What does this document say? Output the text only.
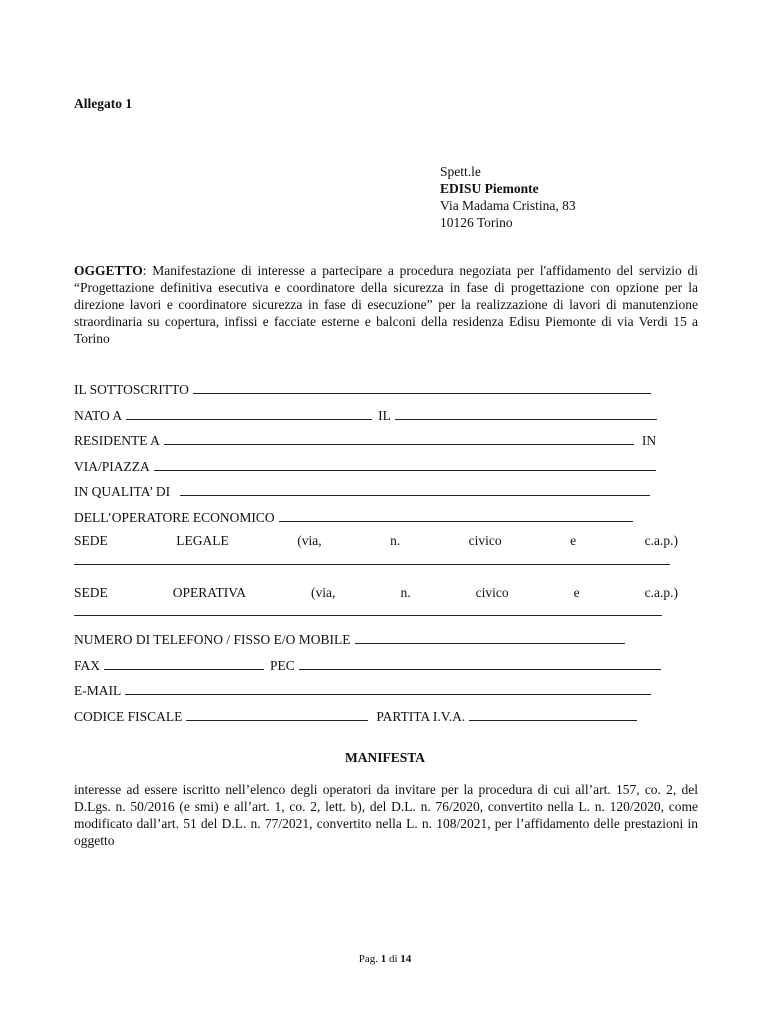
Allegato 1
Spett.le
EDISU Piemonte
Via Madama Cristina, 83
10126 Torino
OGGETTO: Manifestazione di interesse a partecipare a procedura negoziata per l'affidamento del servizio di “Progettazione definitiva esecutiva e coordinatore della sicurezza in fase di progettazione con opzione per la direzione lavori e coordinatore sicurezza in fase di esecuzione” per la realizzazione di lavori di manutenzione straordinaria su copertura, infissi e facciate esterne e balconi della residenza Edisu Piemonte di via Verdi 15 a Torino
IL SOTTOSCRITTO
NATO A	IL
RESIDENTE A	IN
VIA/PIAZZA
IN QUALITA’ DI
DELL’OPERATORE ECONOMICO
SEDE	LEGALE	(via,	n.	civico	e	c.a.p.)
SEDE	OPERATIVA	(via,	n.	civico	e	c.a.p.)
NUMERO DI TELEFONO / FISSO E/O MOBILE
FAX	PEC
E-MAIL
CODICE FISCALE	PARTITA I.V.A.
MANIFESTA
interesse ad essere iscritto nell’elenco degli operatori da invitare per la procedura di cui all’art. 157, co. 2, del D.Lgs. n. 50/2016 (e smi) e all’art. 1, co. 2, lett. b), del D.L. n. 76/2020, convertito nella L. n. 120/2020, come modificato dall’art. 51 del D.L. n. 77/2021, convertito nella L. n. 108/2021, per l’affidamento delle prestazioni in oggetto
Pag. 1 di 14
